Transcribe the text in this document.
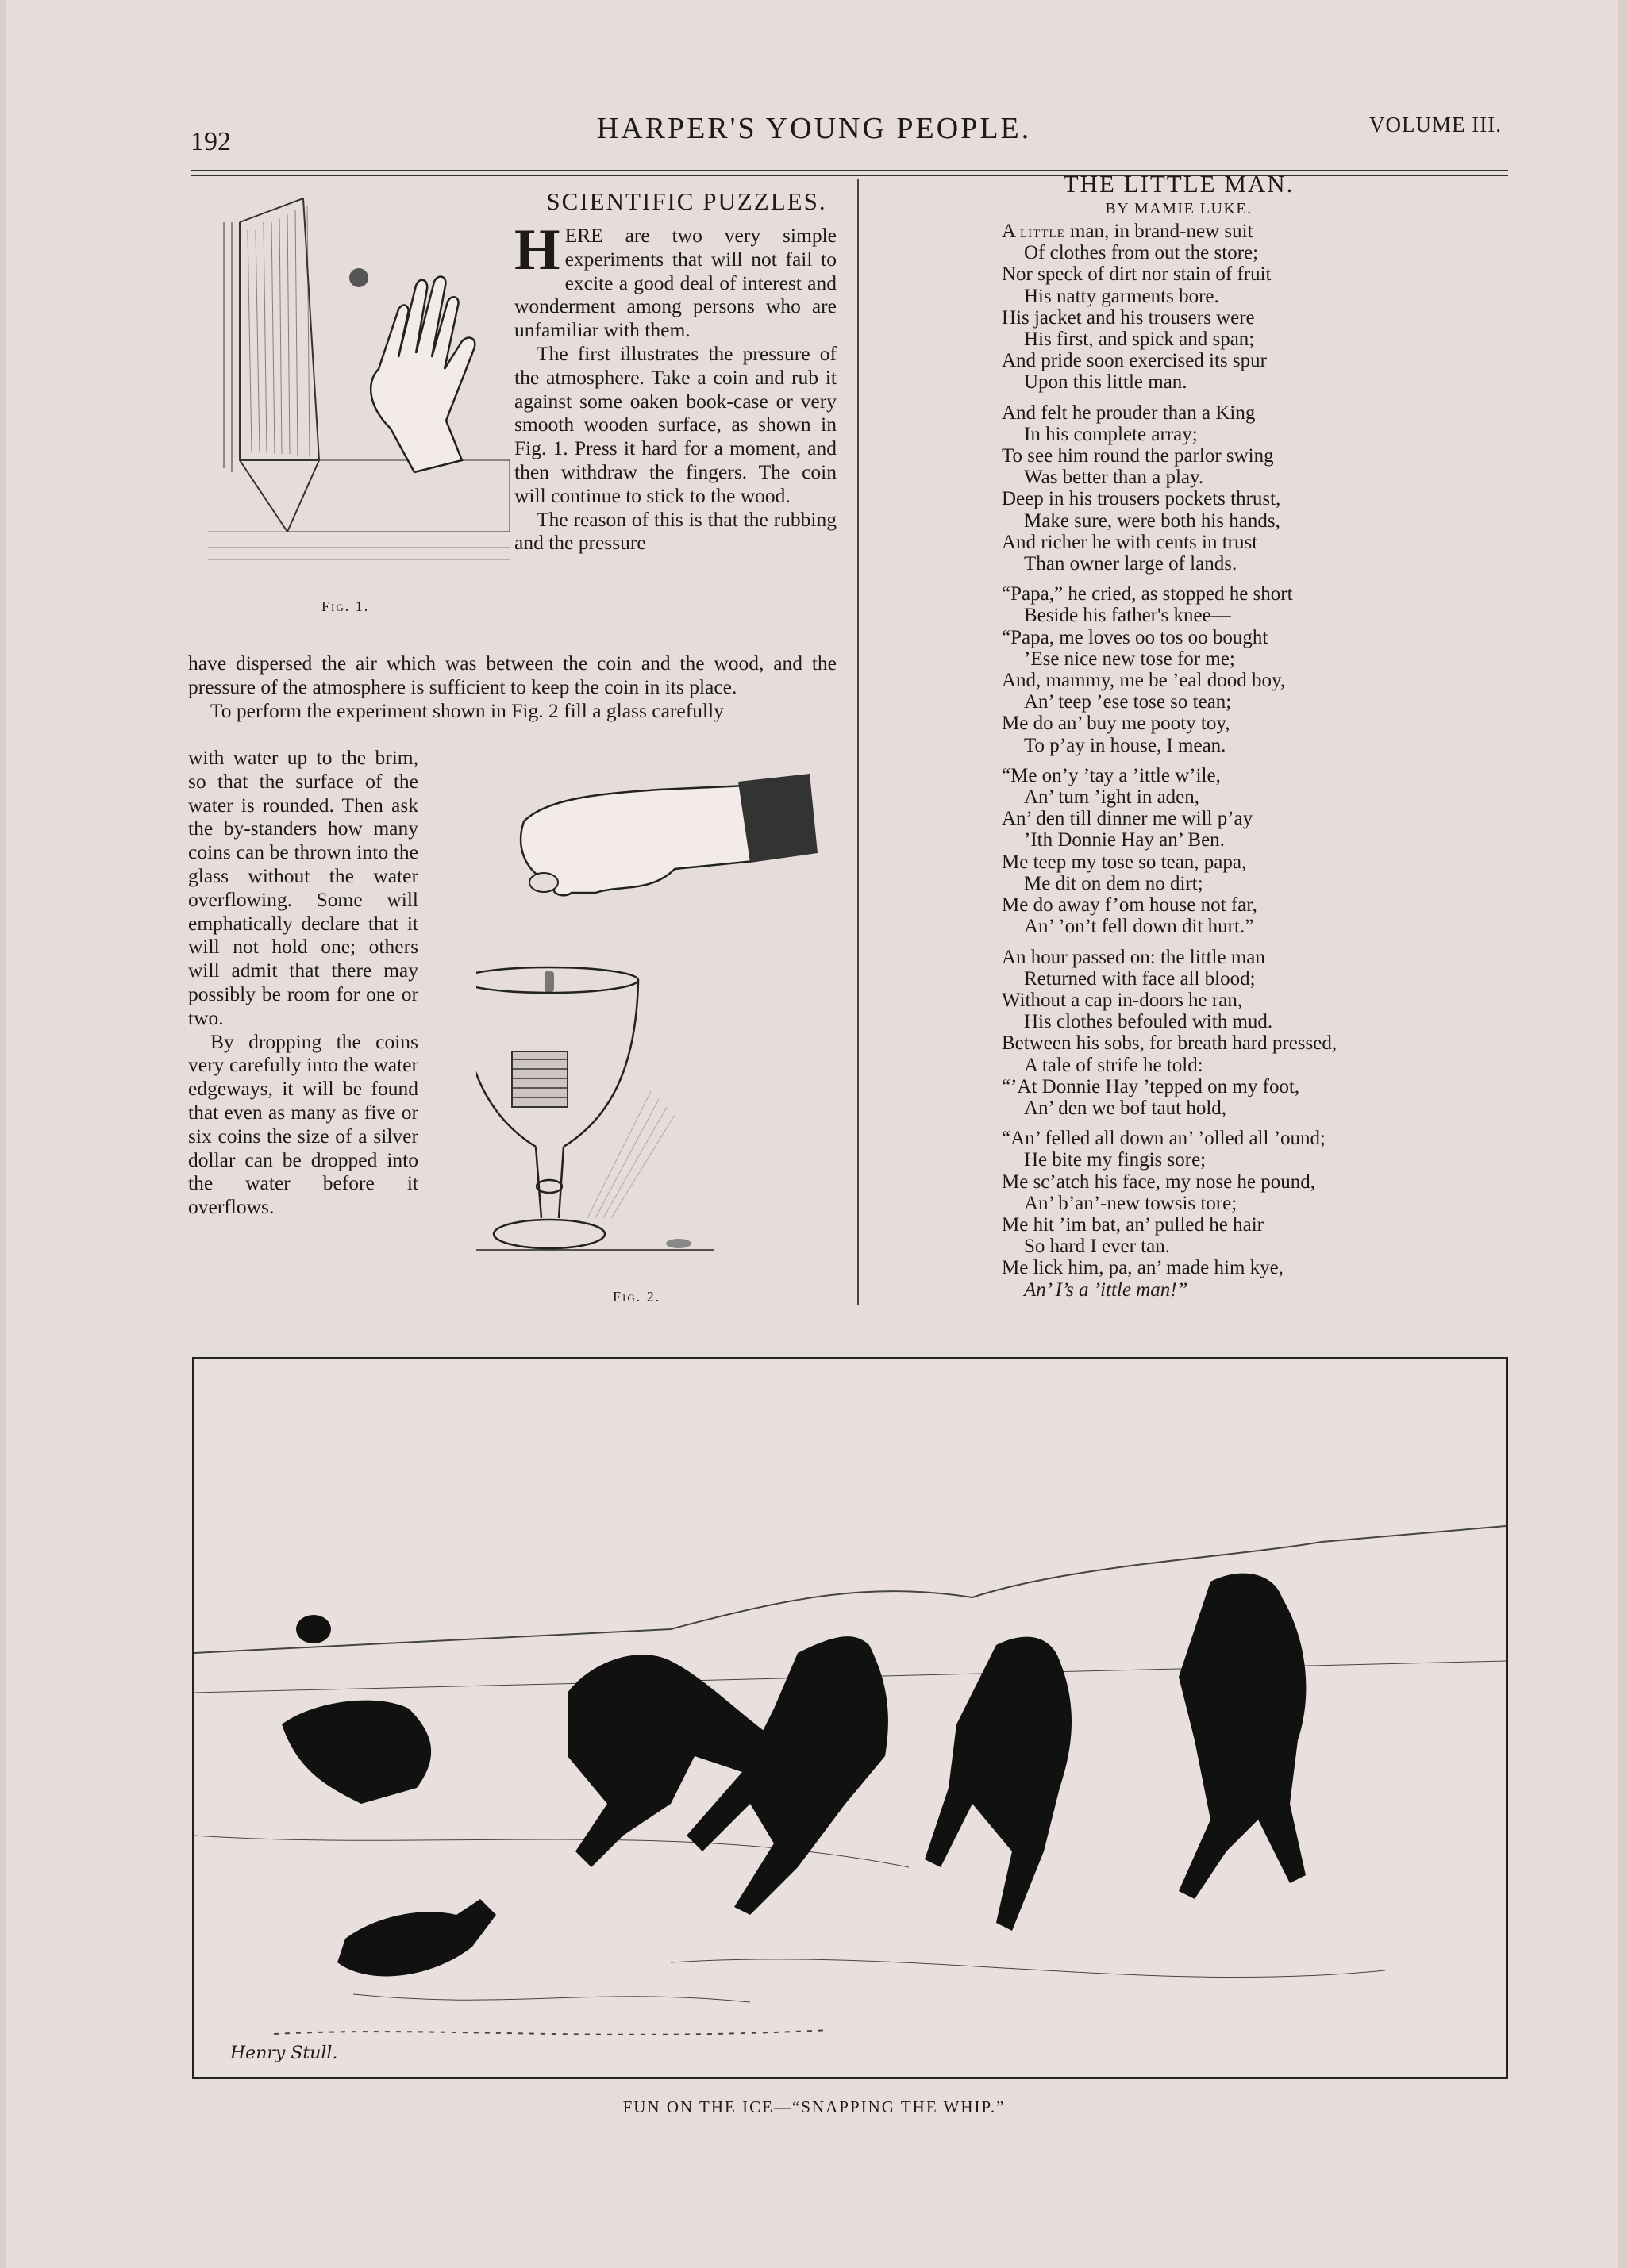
192	HARPER'S YOUNG PEOPLE.	VOLUME III.
Fig. 1.
SCIENTIFIC PUZZLES.

HERE are two very simple experiments that will not fail to excite a good deal of interest and wonderment among persons who are unfamiliar with them.

The first illustrates the pressure of the atmosphere. Take a coin and rub it against some oaken book-case or very smooth wooden surface, as shown in Fig. 1. Press it hard for a moment, and then withdraw the fingers. The coin will continue to stick to the wood.

The reason of this is that the rubbing and the pressure

have dispersed the air which was between the coin and the wood, and the pressure of the atmosphere is sufficient to keep the coin in its place.

To perform the experiment shown in Fig. 2 fill a glass carefully

with water up to the brim, so that the surface of the water is rounded. Then ask the by-standers how many coins can be thrown into the glass without the water overflowing. Some will emphatically declare that it will not hold one; others will admit that there may possibly be room for one or two.

By dropping the coins very carefully into the water edgeways, it will be found that even as many as five or six coins the size of a silver dollar can be dropped into the water before it overflows.

Fig. 2.
THE LITTLE MAN.
BY MAMIE LUKE.
A little man, in brand-new suit
Of clothes from out the store;
Nor speck of dirt nor stain of fruit
His natty garments bore.
His jacket and his trousers were
His first, and spick and span;
And pride soon exercised its spur
Upon this little man.
And felt he prouder than a King
In his complete array;
To see him round the parlor swing
Was better than a play.
Deep in his trousers pockets thrust,
Make sure, were both his hands,
And richer he with cents in trust
Than owner large of lands.
“Papa,” he cried, as stopped he short
Beside his father's knee—
“Papa, me loves oo tos oo bought
’Ese nice new tose for me;
And, mammy, me be ’eal dood boy,
An’ teep ’ese tose so tean;
Me do an’ buy me pooty toy,
To p’ay in house, I mean.
“Me on’y ’tay a ’ittle w’ile,
An’ tum ’ight in aden,
An’ den till dinner me will p’ay
’Ith Donnie Hay an’ Ben.
Me teep my tose so tean, papa,
Me dit on dem no dirt;
Me do away f’om house not far,
An’ ’on’t fell down dit hurt.”
An hour passed on: the little man
Returned with face all blood;
Without a cap in-doors he ran,
His clothes befouled with mud.
Between his sobs, for breath hard pressed,
A tale of strife he told:
“’At Donnie Hay ’tepped on my foot,
An’ den we bof taut hold,
“An’ felled all down an’ ’olled all ’ound;
He bite my fingis sore;
Me sc’atch his face, my nose he pound,
An’ b’an’-new towsis tore;
Me hit ’im bat, an’ pulled he hair
So hard I ever tan.
Me lick him, pa, an’ made him kye,
An’ I’s a ’ittle man!”
Henry Stull.
FUN ON THE ICE—“SNAPPING THE WHIP.”
